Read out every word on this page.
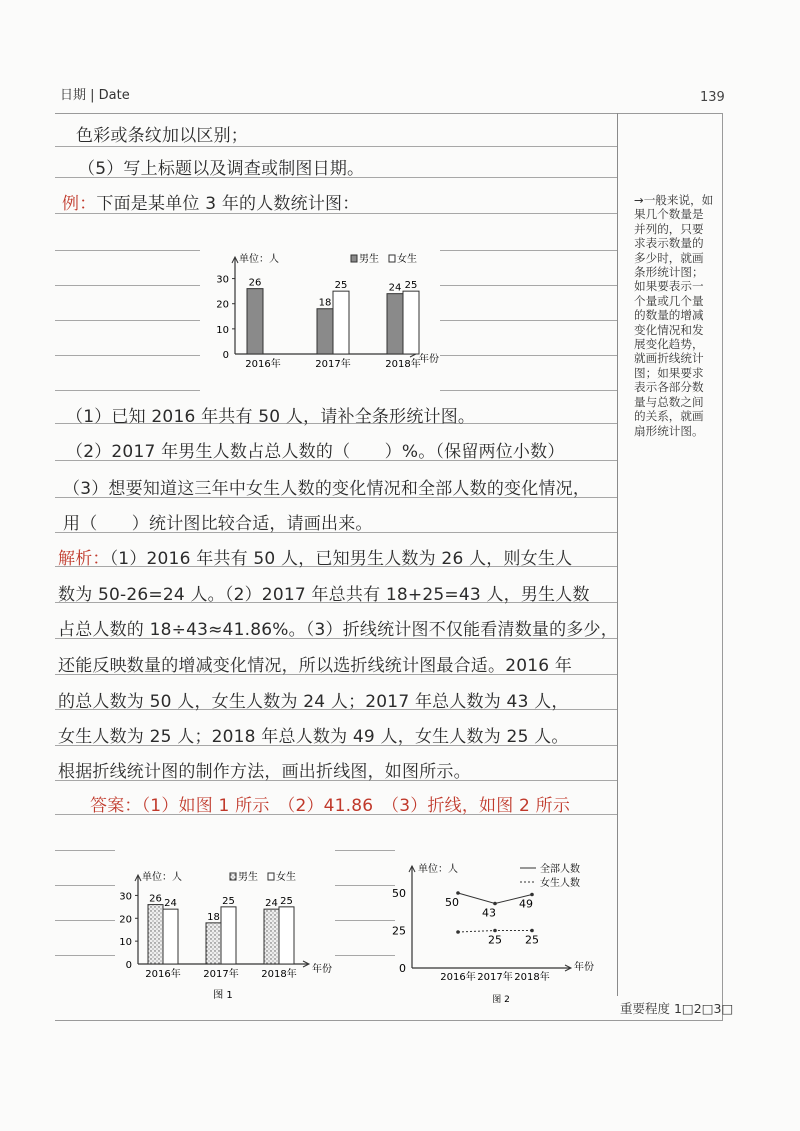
日期 | Date	139
色彩或条纹加以区别；
（5）写上标题以及调查或制图日期。
例：下面是某单位 3 年的人数统计图：
（1）已知 2016 年共有 50 人，请补全条形统计图。
（2）2017 年男生人数占总人数的（　　）%。（保留两位小数）
（3）想要知道这三年中女生人数的变化情况和全部人数的变化情况，
用（　　）统计图比较合适，请画出来。
解析：（1）2016 年共有 50 人，已知男生人数为 26 人，则女生人
数为 50-26=24 人。（2）2017 年总共有 18+25=43 人，男生人数
占总人数的 18÷43≈41.86%。（3）折线统计图不仅能看清数量的多少，
还能反映数量的增减变化情况，所以选折线统计图最合适。2016 年
的总人数为 50 人，女生人数为 24 人；2017 年总人数为 43 人，
女生人数为 25 人；2018 年总人数为 49 人，女生人数为 25 人。
根据折线统计图的制作方法，画出折线图，如图所示。
答案：（1）如图 1 所示　（2）41.86　（3）折线，如图 2 所示
→一般来说，如果几个数量是并列的，只要求表示数量的多少时，就画条形统计图；如果要表示一个量或几个量的数量的增减变化情况和发展变化趋势，就画折线统计图；如果要求表示各部分数量与总数之间的关系，就画扇形统计图。
重要程度 1□2□3□
0
10
20
30
单位：人
年份
男生 女生
26
2016年
18
25
2017年
24 25
2018年
0
10
20
30
单位：人
年份
男生 女生
26 24
2016年
18
25
2017年
24 25
2018年
图 1
0
25
50
单位：人
年份
全部人数
女生人数
50
43
49
25 25
2016年 2017年 2018年
图 2
